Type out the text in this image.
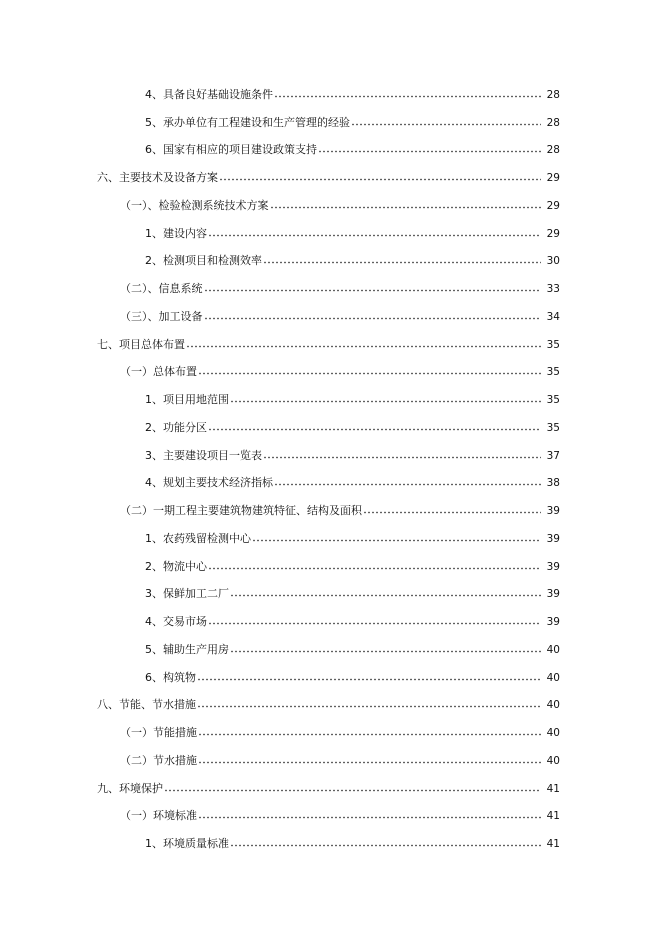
4、具备良好基础设施条件	28
5、承办单位有工程建设和生产管理的经验	28
6、国家有相应的项目建设政策支持	28
六、主要技术及设备方案	29
（一）、检验检测系统技术方案	29
1、建设内容	29
2、检测项目和检测效率	30
（二）、信息系统	33
（三）、加工设备	34
七、项目总体布置	35
（一）总体布置	35
1、项目用地范围	35
2、功能分区	35
3、主要建设项目一览表	37
4、规划主要技术经济指标	38
（二）一期工程主要建筑物建筑特征、结构及面积	39
1、农药残留检测中心	39
2、物流中心	39
3、保鲜加工二厂	39
4、交易市场	39
5、辅助生产用房	40
6、构筑物	40
八、节能、节水措施	40
（一）节能措施	40
（二）节水措施	40
九、环境保护	41
（一）环境标准	41
1、环境质量标准	41
